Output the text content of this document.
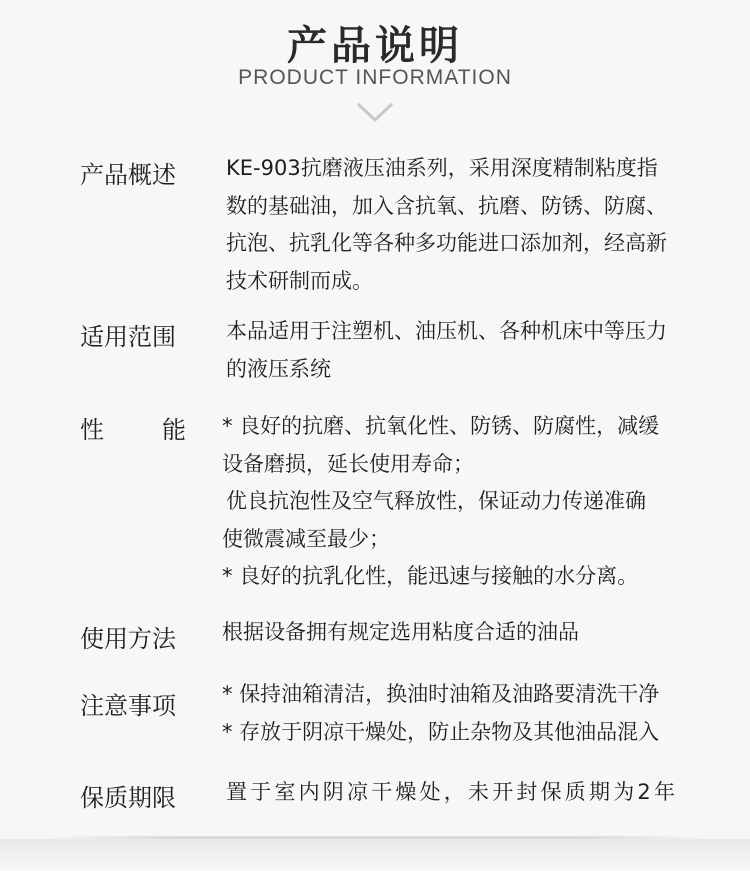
产品说明
PRODUCT INFORMATION
产品概述	KE-903抗磨液压油系列，采用深度精制粘度指

数的基础油，加入含抗氧、抗磨、防锈、防腐、

抗泡、抗乳化等各种多功能进口添加剂，经高新

技术研制而成。

适用范围	本品适用于注塑机、油压机、各种机床中等压力

的液压系统

性 能 * 良好的抗磨、抗氧化性、防锈、防腐性，减缓

设备磨损，延长使用寿命；

优良抗泡性及空气释放性，保证动力传递准确

使微震减至最少；

* 良好的抗乳化性，能迅速与接触的水分离。

使用方法	根据设备拥有规定选用粘度合适的油品

注意事项	* 保持油箱清洁，换油时油箱及油路要清洗干净

* 存放于阴凉干燥处，防止杂物及其他油品混入

保质期限	置于室内阴凉干燥处，未开封保质期为2年
